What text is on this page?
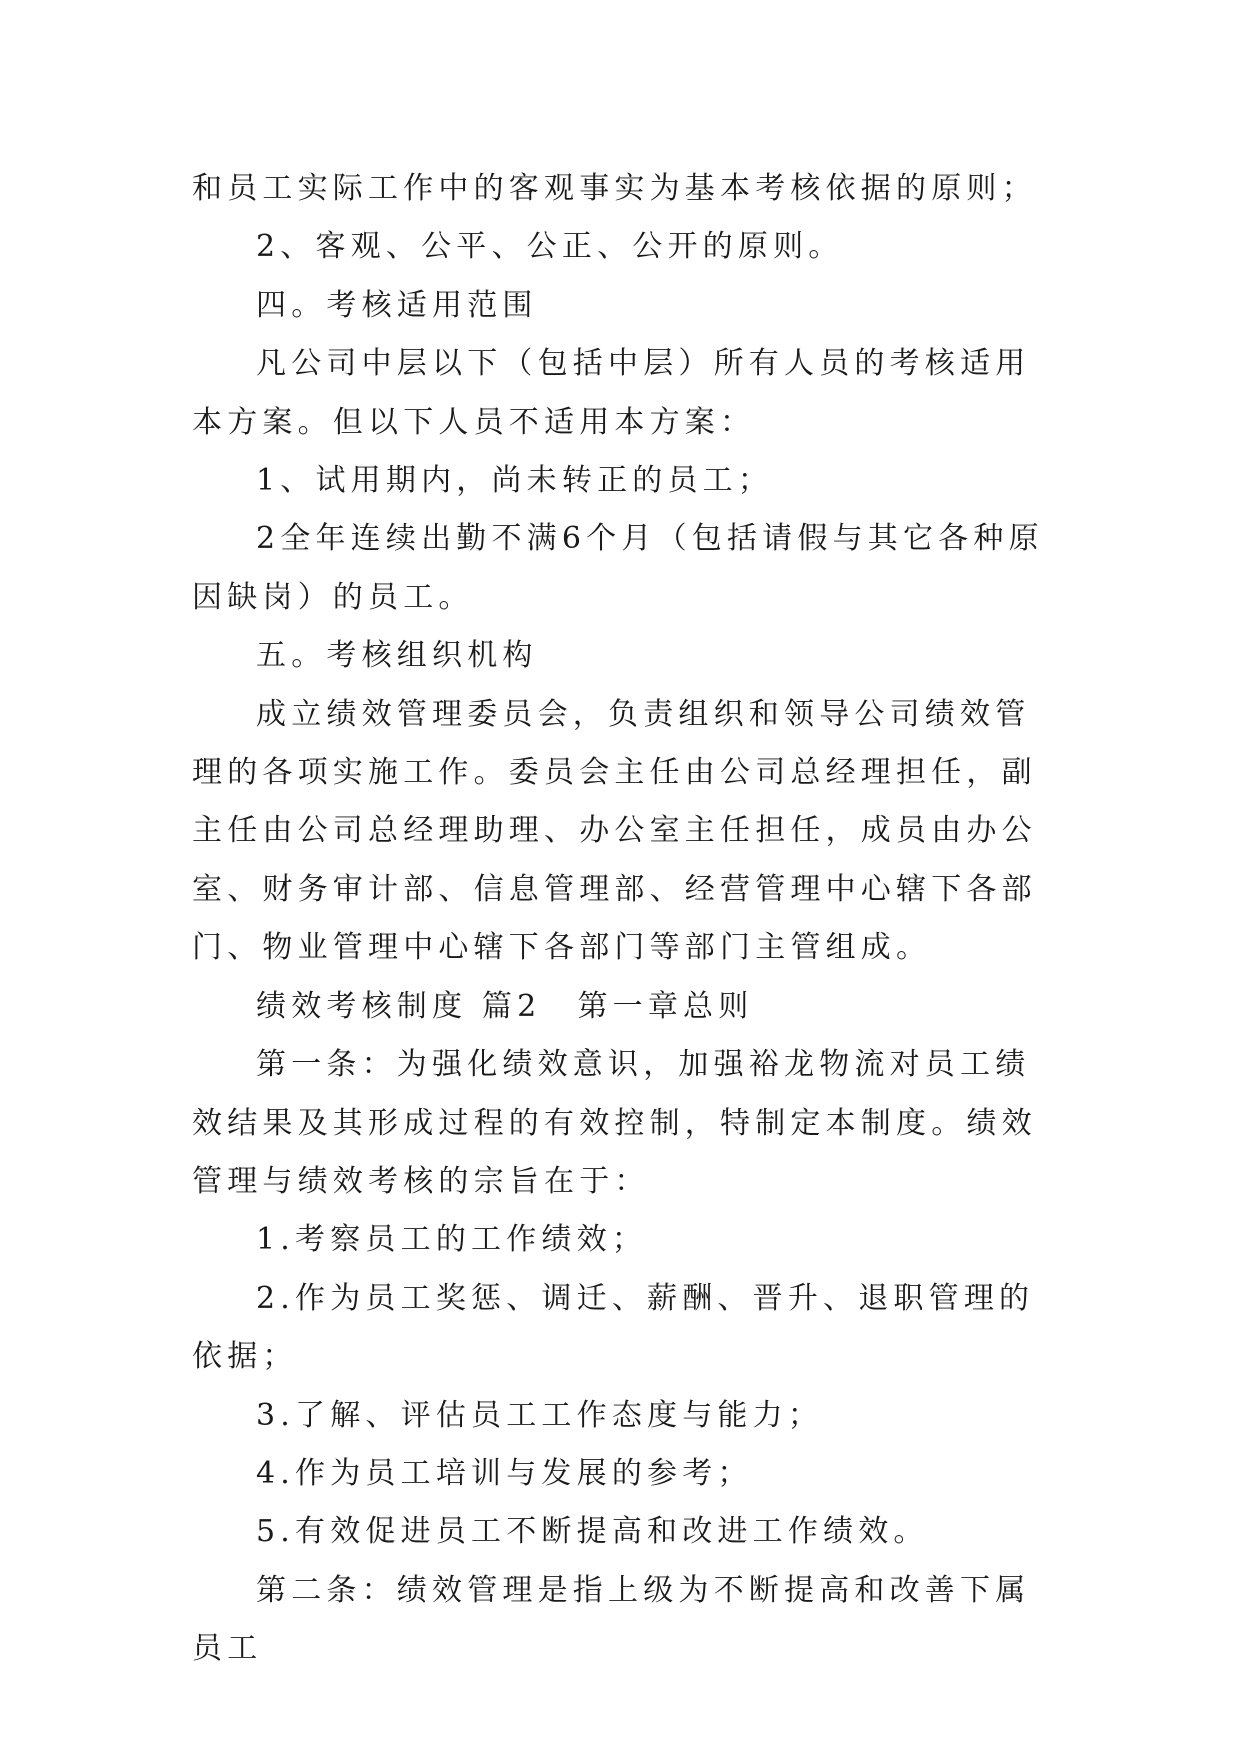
和员工实际工作中的客观事实为基本考核依据的原则；

2、客观、公平、公正、公开的原则。

四。考核适用范围

凡公司中层以下（包括中层）所有人员的考核适用本方案。但以下人员不适用本方案：

1、试用期内，尚未转正的员工；

2全年连续出勤不满6个月（包括请假与其它各种原因缺岗）的员工。

五。考核组织机构

成立绩效管理委员会，负责组织和领导公司绩效管理的各项实施工作。委员会主任由公司总经理担任，副主任由公司总经理助理、办公室主任担任，成员由办公室、财务审计部、信息管理部、经营管理中心辖下各部门、物业管理中心辖下各部门等部门主管组成。

绩效考核制度 篇2 第一章总则

第一条：为强化绩效意识，加强裕龙物流对员工绩效结果及其形成过程的有效控制，特制定本制度。绩效管理与绩效考核的宗旨在于：

1.考察员工的工作绩效；

2.作为员工奖惩、调迁、薪酬、晋升、退职管理的依据；

3.了解、评估员工工作态度与能力；

4.作为员工培训与发展的参考；

5.有效促进员工不断提高和改进工作绩效。

第二条：绩效管理是指上级为不断提高和改善下属员工
